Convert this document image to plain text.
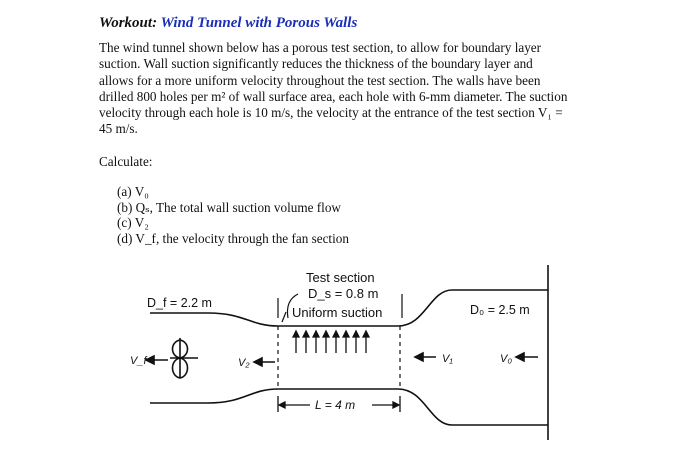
Workout: Wind Tunnel with Porous Walls
The wind tunnel shown below has a porous test section, to allow for boundary layer
suction. Wall suction significantly reduces the thickness of the boundary layer and
allows for a more uniform velocity throughout the test section. The walls have been
drilled 800 holes per m² of wall surface area, each hole with 6-mm diameter. The suction
velocity through each hole is 10 m/s, the velocity at the entrance of the test section V₁ =
45 m/s.
Calculate:
(a) V₀
(b) Qₛ, The total wall suction volume flow
(c) V₂
(d) V_f, the velocity through the fan section
D_f = 2.2 m
Test section
D_s = 0.8 m
Uniform suction	D₀ = 2.5 m
V_f	V₂	V₁	V₀
L = 4 m
